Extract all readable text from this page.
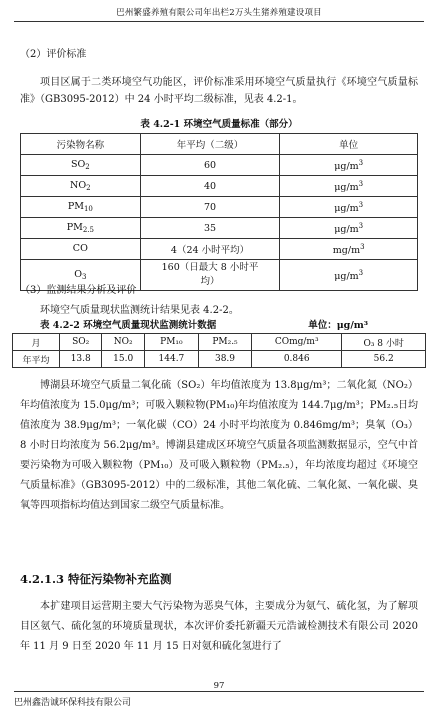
巴州繁盛养殖有限公司年出栏2万头生猪养殖建设项目
（2）评价标准
项目区属于二类环境空气功能区，评价标准采用环境空气质量执行《环境空气质量标准》（GB3095-2012）中 24 小时平均二级标准，见表 4.2-1。
表 4.2-1 环境空气质量标准（部分）
污染物名称	年平均（二级）	单位
$SO_2$	60	$\mu g/m^3$
$NO_2$	40	$\mu g/m^3$
$PM_{10}$	70	$\mu g/m^3$
$PM_{2.5}$	35	$\mu g/m^3$
CO	4（24 小时平均）	$mg/m^3$
$O_3$	160（日最大 8 小时平均）	$\mu g/m^3$
（3）监测结果分析及评价
环境空气质量现状监测统计结果见表 4.2-2。
表 4.2-2 环境空气质量现状监测统计数据	单位：μg/m³
月	SO₂	NO₂	PM₁₀	PM₂.₅	COmg/m³	O₃ 8 小时
年平均	13.8	15.0	144.7	38.9	0.846	56.2
博湖县环境空气质量二氧化硫（SO₂）年均值浓度为 13.8μg/m³；二氧化氮（NO₂）年均值浓度为 15.0μg/m³；可吸入颗粒物(PM₁₀)年均值浓度为 144.7μg/m³；PM₂.₅日均值浓度为 38.9μg/m³；一氧化碳（CO）24 小时平均浓度为 0.846mg/m³；臭氧（O₃）8 小时日均浓度为 56.2μg/m³。博湖县建成区环境空气质量各项监测数据显示，空气中首要污染物为可吸入颗粒物（PM₁₀）及可吸入颗粒物（PM₂.₅），年均浓度均超过《环境空气质量标准》（GB3095-2012）中的二级标准，其他二氧化硫、二氧化氮、一氧化碳、臭氧等四项指标均值达到国家二级空气质量标准。
4.2.1.3 特征污染物补充监测
本扩建项目运营期主要大气污染物为恶臭气体，主要成分为氨气、硫化氢，为了解项目区氨气、硫化氢的环境质量现状，本次评价委托新疆天元浩诚检测技术有限公司 2020 年 11 月 9 日至 2020 年 11 月 15 日对氨和硫化氢进行了
97
巴州鑫浩诚环保科技有限公司
